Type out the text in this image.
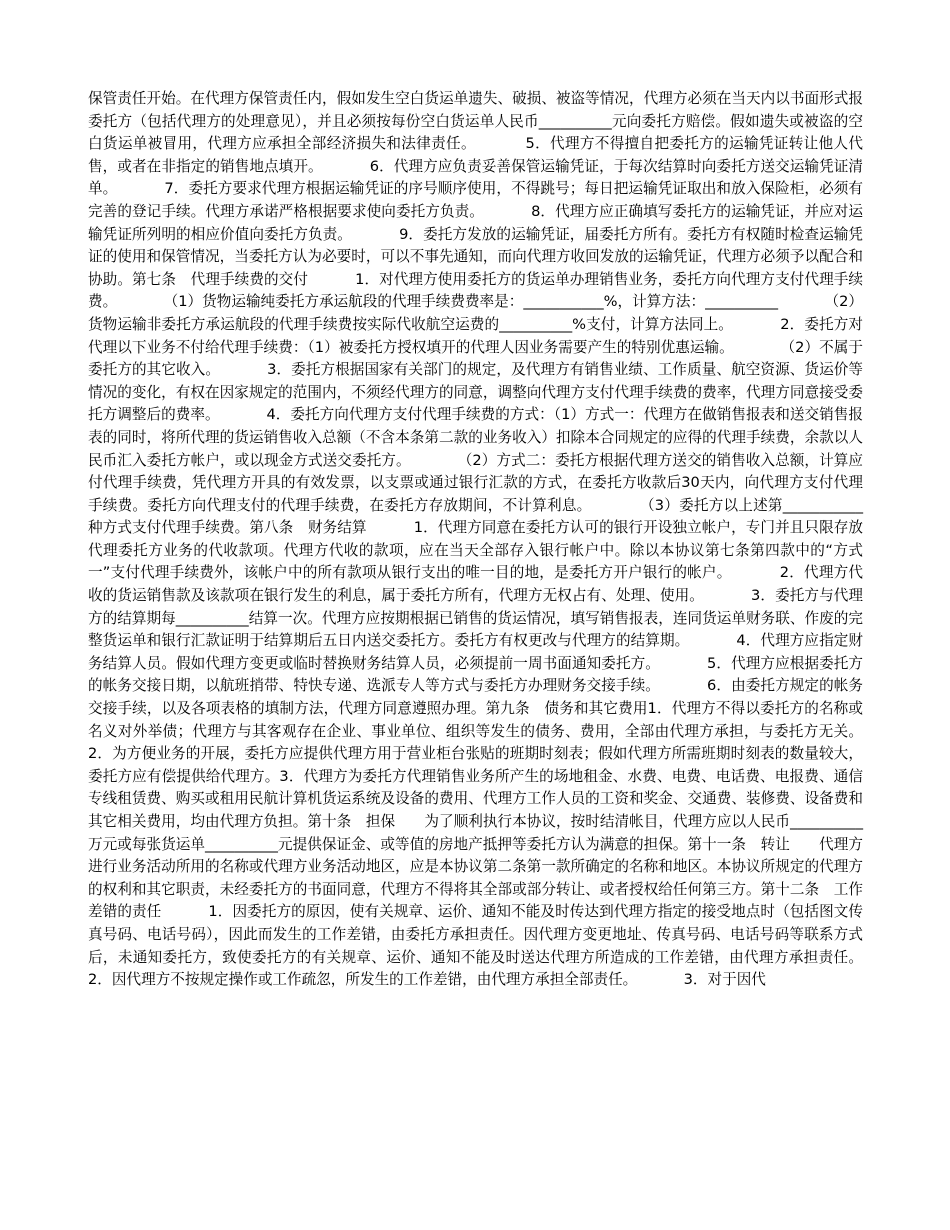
保管责任开始。在代理方保管责任内，假如发生空白货运单遗失、破损、被盗等情况，代理方必须在当天内以书面形式报委托方（包括代理方的处理意见），并且必须按每份空白货运单人民币__________元向委托方赔偿。假如遗失或被盗的空白货运单被冒用，代理方应承担全部经济损失和法律责任。          5．代理方不得擅自把委托方的运输凭证转让他人代售，或者在非指定的销售地点填开。          6．代理方应负责妥善保管运输凭证，于每次结算时向委托方送交运输凭证清单。          7．委托方要求代理方根据运输凭证的序号顺序使用，不得跳号；每日把运输凭证取出和放入保险柜，必须有完善的登记手续。代理方承诺严格根据要求使向委托方负责。          8．代理方应正确填写委托方的运输凭证，并应对运输凭证所列明的相应价值向委托方负责。          9．委托方发放的运输凭证，届委托方所有。委托方有权随时检查运输凭证的使用和保管情况，当委托方认为必要时，可以不事先通知，而向代理方收回发放的运输凭证，代理方必须予以配合和协助。第七条　代理手续费的交付          1．对代理方使用委托方的货运单办理销售业务，委托方向代理方支付代理手续费。          （1）货物运输纯委托方承运航段的代理手续费费率是：___________%，计算方法：__________          （2）货物运输非委托方承运航段的代理手续费按实际代收航空运费的__________%支付，计算方法同上。          2．委托方对代理以下业务不付给代理手续费：（1）被委托方授权填开的代理人因业务需要产生的特别优惠运输。          （2）不属于委托方的其它收入。          3．委托方根据国家有关部门的规定，及代理方有销售业绩、工作质量、航空资源、货运价等情况的变化，有权在因家规定的范围内，不须经代理方的同意，调整向代理方支付代理手续费的费率，代理方同意接受委托方调整后的费率。          4．委托方向代理方支付代理手续费的方式：（1）方式一：代理方在做销售报表和送交销售报表的同时，将所代理的货运销售收入总额（不含本条第二款的业务收入）扣除本合同规定的应得的代理手续费，余款以人民币汇入委托方帐户，或以现金方式送交委托方。          （2）方式二：委托方根据代理方送交的销售收入总额，计算应付代理手续费，凭代理方开具的有效发票，以支票或通过银行汇款的方式，在委托方收款后30天内，向代理方支付代理手续费。委托方向代理支付的代理手续费，在委托方存放期间，不计算利息。          （3）委托方以上述第___________种方式支付代理手续费。第八条　财务结算          1．代理方同意在委托方认可的银行开设独立帐户，专门并且只限存放代理委托方业务的代收款项。代理方代收的款项，应在当天全部存入银行帐户中。除以本协议第七条第四款中的“方式一”支付代理手续费外，该帐户中的所有款项从银行支出的唯一目的地，是委托方开户银行的帐户。          2．代理方代收的货运销售款及该款项在银行发生的利息，属于委托方所有，代理方无权占有、处理、使用。          3．委托方与代理方的结算期每__________结算一次。代理方应按期根据已销售的货运情况，填写销售报表，连同货运单财务联、作废的完整货运单和银行汇款证明于结算期后五日内送交委托方。委托方有权更改与代理方的结算期。          4．代理方应指定财务结算人员。假如代理方变更或临时替换财务结算人员，必须提前一周书面通知委托方。          5．代理方应根据委托方的帐务交接日期，以航班捎带、特快专递、选派专人等方式与委托方办理财务交接手续。          6．由委托方规定的帐务交接手续，以及各项表格的填制方法，代理方同意遵照办理。第九条　债务和其它费用1．代理方不得以委托方的名称或名义对外举债；代理方与其客观存在企业、事业单位、组织等发生的债务、费用，全部由代理方承担，与委托方无关。          2．为方便业务的开展，委托方应提供代理方用于营业柜台张贴的班期时刻表；假如代理方所需班期时刻表的数量较大，委托方应有偿提供给代理方。3．代理方为委托方代理销售业务所产生的场地租金、水费、电费、电话费、电报费、通信专线租赁费、购买或租用民航计算机货运系统及设备的费用、代理方工作人员的工资和奖金、交通费、装修费、设备费和其它相关费用，均由代理方负担。第十条　担保　　为了顺利执行本协议，按时结清帐目，代理方应以人民币__________万元或每张货运单__________元提供保证金、或等值的房地产抵押等委托方认为满意的担保。第十一条　转让　　代理方进行业务活动所用的名称或代理方业务活动地区，应是本协议第二条第一款所确定的名称和地区。本协议所规定的代理方的权利和其它职责，未经委托方的书面同意，代理方不得将其全部或部分转让、或者授权给任何第三方。第十二条　工作差错的责任          1．因委托方的原因，使有关规章、运价、通知不能及时传达到代理方指定的接受地点时（包括图文传真号码、电话号码），因此而发生的工作差错，由委托方承担责任。因代理方变更地址、传真号码、电话号码等联系方式后，未通知委托方，致使委托方的有关规章、运价、通知不能及时送达代理方所造成的工作差错，由代理方承担责任。2．因代理方不按规定操作或工作疏忽，所发生的工作差错，由代理方承担全部责任。          3．对于因代
